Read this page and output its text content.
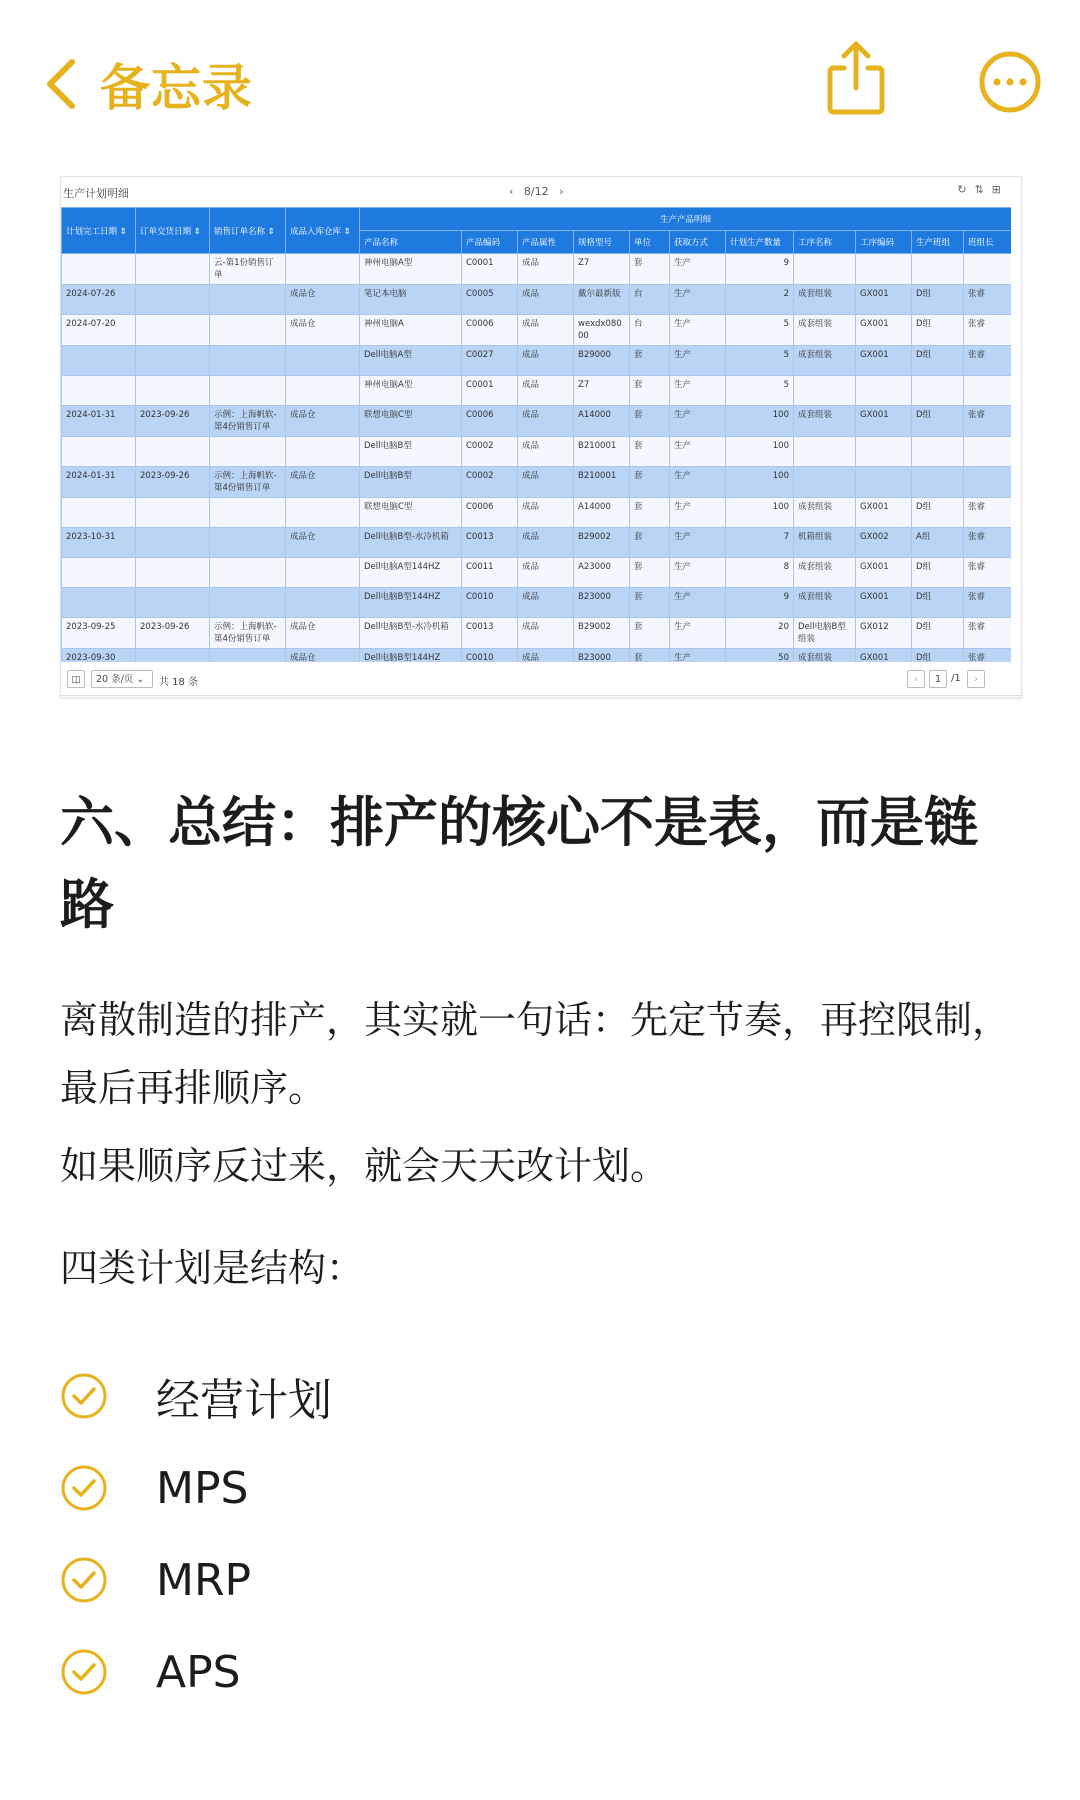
备忘录
生产计划明细	‹   8/12   ›	↻⇅⊞
计划完工日期 ⇕	订单交货日期 ⇕	销售订单名称 ⇕	成品入库仓库 ⇕	生产产品明细										
				产品名称	产品编码	产品属性	规格型号	单位	获取方式	计划生产数量	工序名称	工序编码	生产班组	班组长
		云-第1份销售订单		神州电脑A型	C0001	成品	Z7	套	生产	9				
2024-07-26			成品仓	笔记本电脑	C0005	成品	戴尔最新版	台	生产	2	成套组装	GX001	D组	张睿
2024-07-20			成品仓	神州电脑A	C0006	成品	wexdx08000	台	生产	5	成套组装	GX001	D组	张睿
				Dell电脑A型	C0027	成品	B29000	套	生产	5	成套组装	GX001	D组	张睿
				神州电脑A型	C0001	成品	Z7	套	生产	5				
2024-01-31	2023-09-26	示例：上海帆软-第4份销售订单	成品仓	联想电脑C型	C0006	成品	A14000	套	生产	100	成套组装	GX001	D组	张睿
				Dell电脑B型	C0002	成品	B210001	套	生产	100				
2024-01-31	2023-09-26	示例：上海帆软-第4份销售订单	成品仓	Dell电脑B型	C0002	成品	B210001	套	生产	100				
				联想电脑C型	C0006	成品	A14000	套	生产	100	成套组装	GX001	D组	张睿
2023-10-31			成品仓	Dell电脑B型-水冷机箱	C0013	成品	B29002	套	生产	7	机箱组装	GX002	A组	张睿
				Dell电脑A型144HZ	C0011	成品	A23000	套	生产	8	成套组装	GX001	D组	张睿
				Dell电脑B型144HZ	C0010	成品	B23000	套	生产	9	成套组装	GX001	D组	张睿
2023-09-25	2023-09-26	示例：上海帆软-第4份销售订单	成品仓	Dell电脑B型-水冷机箱	C0013	成品	B29002	套	生产	20	Dell电脑B型组装	GX012	D组	张睿
2023-09-30			成品仓	Dell电脑B型144HZ	C0010	成品	B23000	套	生产	50	成套组装	GX001	D组	张睿
◫	20 条/页 ⌄	共 18 条	‹	1 /1	›
六、总结：排产的核心不是表，而是链路

离散制造的排产，其实就一句话：先定节奏，再控限制，最后再排顺序。

如果顺序反过来，就会天天改计划。

四类计划是结构：

经营计划
MPS
MRP
APS
